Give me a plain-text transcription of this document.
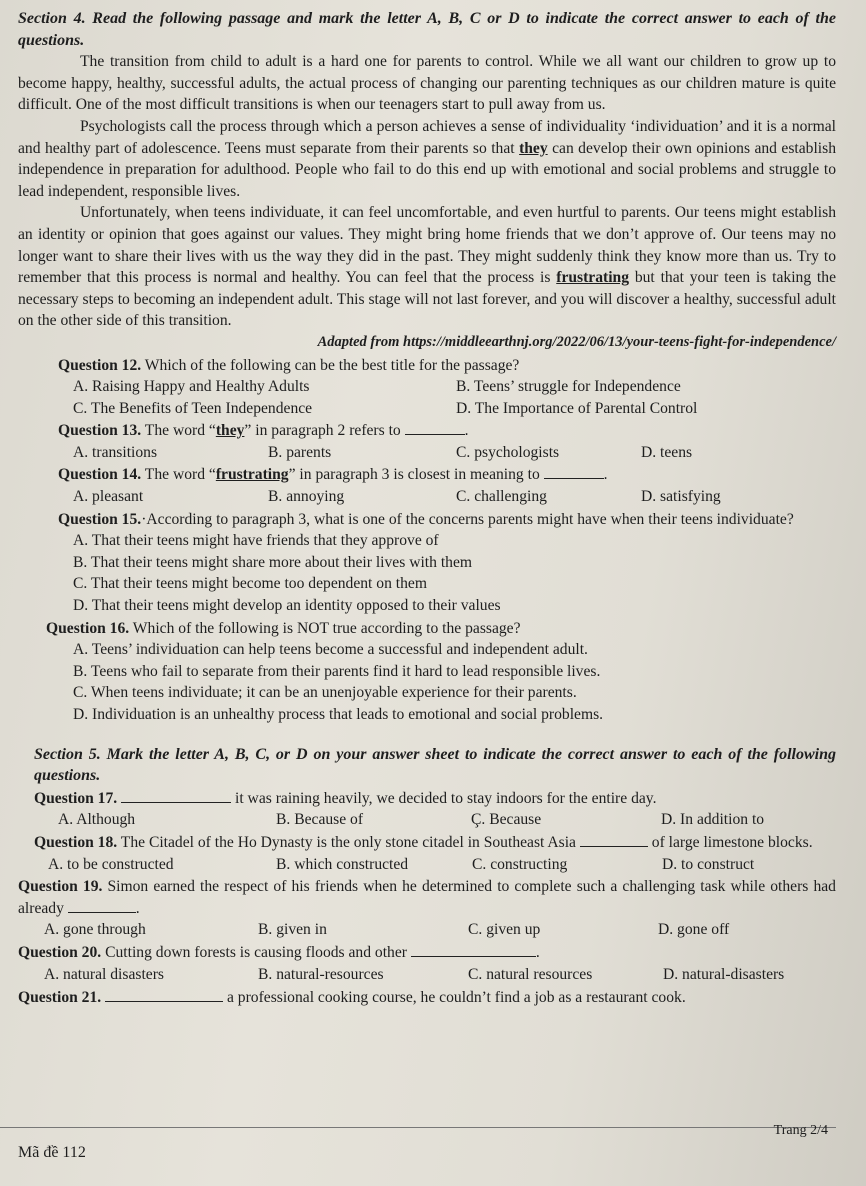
Section 4. Read the following passage and mark the letter A, B, C or D to indicate the correct answer to each of the questions.

The transition from child to adult is a hard one for parents to control. While we all want our children to grow up to become happy, healthy, successful adults, the actual process of changing our parenting techniques as our children mature is quite difficult. One of the most difficult transitions is when our teenagers start to pull away from us.

Psychologists call the process through which a person achieves a sense of individuality ‘individuation’ and it is a normal and healthy part of adolescence. Teens must separate from their parents so that they can develop their own opinions and establish independence in preparation for adulthood. People who fail to do this end up with emotional and social problems and struggle to lead independent, responsible lives.

Unfortunately, when teens individuate, it can feel uncomfortable, and even hurtful to parents. Our teens might establish an identity or opinion that goes against our values. They might bring home friends that we don’t approve of. Our teens may no longer want to share their lives with us the way they did in the past. They might suddenly think they know more than us. Try to remember that this process is normal and healthy. You can feel that the process is frustrating but that your teen is taking the necessary steps to becoming an independent adult. This stage will not last forever, and you will discover a healthy, successful adult on the other side of this transition.

Adapted from https://middleearthnj.org/2022/06/13/your-teens-fight-for-independence/

Question 12. Which of the following can be the best title for the passage?
A. Raising Happy and Healthy Adults	B. Teens’ struggle for Independence
C. The Benefits of Teen Independence	D. The Importance of Parental Control
Question 13. The word “they” in paragraph 2 refers to	.
A. transitions	B. parents	C. psychologists	D. teens
Question 14. The word “frustrating” in paragraph 3 is closest in meaning to	.
A. pleasant	B. annoying	C. challenging	D. satisfying

Question 15.·According to paragraph 3, what is one of the concerns parents might have when their teens individuate?

A. That their teens might have friends that they approve of
B. That their teens might share more about their lives with them
C. That their teens might become too dependent on them
D. That their teens might develop an identity opposed to their values
Question 16. Which of the following is NOT true according to the passage?
A. Teens’ individuation can help teens become a successful and independent adult.
B. Teens who fail to separate from their parents find it hard to lead responsible lives.
C. When teens individuate; it can be an unenjoyable experience for their parents.
D. Individuation is an unhealthy process that leads to emotional and social problems.

Section 5. Mark the letter A, B, C, or D on your answer sheet to indicate the correct answer to each of the following questions.

Question 17.	it was raining heavily, we decided to stay indoors for the entire day.
A. Although	B. Because of	Ç. Because	D. In addition to

Question 18. The Citadel of the Ho Dynasty is the only stone citadel in Southeast Asia	of large limestone blocks.

A. to be constructed	B. which constructed	C. constructing	D. to construct

Question 19. Simon earned the respect of his friends when he determined to complete such a challenging task while others had already	.

A. gone through	B. given in	C. given up	D. gone off
Question 20. Cutting down forests is causing floods and other	.
A. natural disasters	B. natural-resources	C. natural resources	D. natural-disasters
Question 21.	a professional cooking course, he couldn’t find a job as a restaurant cook.
Trang 2/4
Mã đề 112
